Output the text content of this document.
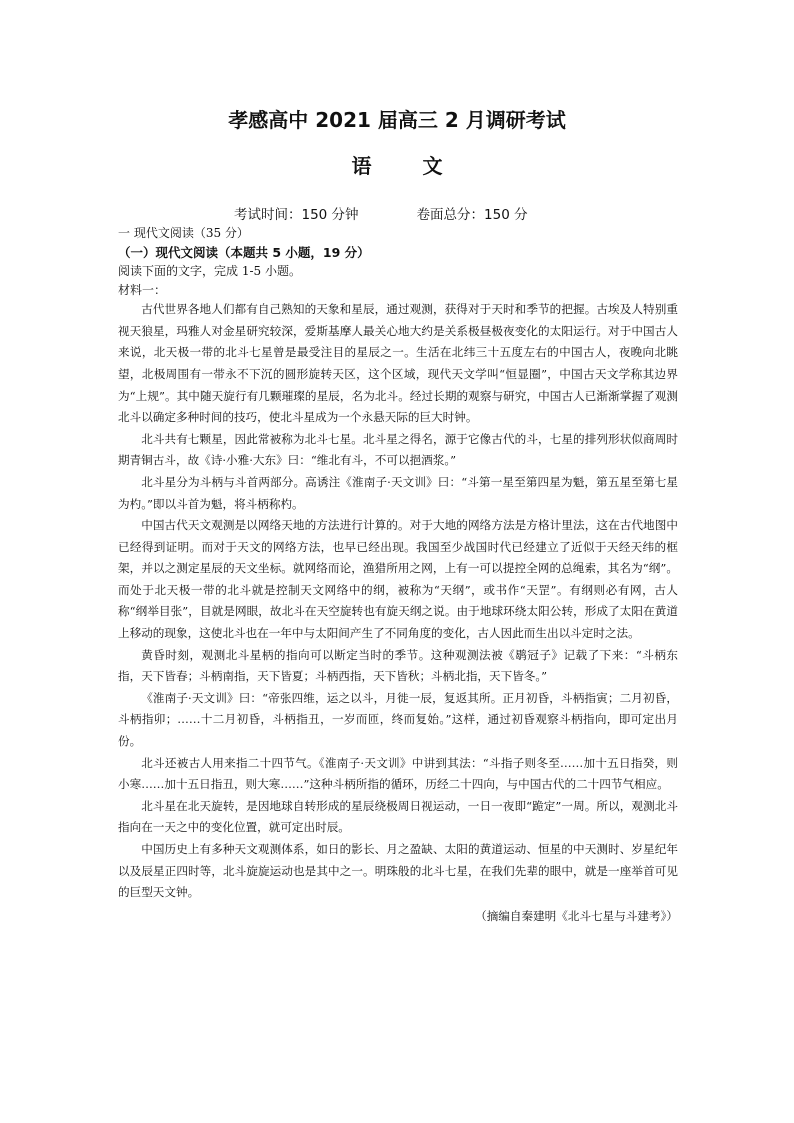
孝感高中 2021 届高三 2 月调研考试
语 文
考试时间：150 分钟	卷面总分：150 分

一 现代文阅读（35 分）

（一）现代文阅读（本题共 5 小题，19 分）

阅读下面的文字，完成 1-5 小题。

材料一：

古代世界各地人们都有自己熟知的天象和星辰，通过观测，获得对于天时和季节的把握。古埃及人特别重视天狼星，玛雅人对金星研究较深，爱斯基摩人最关心地大约是关系极昼极夜变化的太阳运行。对于中国古人来说，北天极一带的北斗七星曾是最受注目的星辰之一。生活在北纬三十五度左右的中国古人，夜晚向北眺望，北极周围有一带永不下沉的圆形旋转天区，这个区域，现代天文学叫“恒显圈”，中国古天文学称其边界为“上规”。其中随天旋行有几颗璀璨的星辰，名为北斗。经过长期的观察与研究，中国古人已渐渐掌握了观测北斗以确定多种时间的技巧，使北斗星成为一个永悬天际的巨大时钟。

北斗共有七颗星，因此常被称为北斗七星。北斗星之得名，源于它像古代的斗，七星的排列形状似商周时期青铜古斗，故《诗·小雅·大东》曰：“维北有斗，不可以挹酒浆。”

北斗星分为斗柄与斗首两部分。高诱注《淮南子·天文训》曰：“斗第一星至第四星为魁，第五星至第七星为杓。”即以斗首为魁，将斗柄称杓。

中国古代天文观测是以网络天地的方法进行计算的。对于大地的网络方法是方格计里法，这在古代地图中已经得到证明。而对于天文的网络方法，也早已经出现。我国至少战国时代已经建立了近似于天经天纬的框架，并以之测定星辰的天文坐标。就网络而论，渔猎所用之网，上有一可以提控全网的总绳索，其名为“纲”。而处于北天极一带的北斗就是控制天文网络中的纲，被称为“天纲”，或书作“天罡”。有纲则必有网，古人称“纲举目张”，目就是网眼，故北斗在天空旋转也有旋天纲之说。由于地球环绕太阳公转，形成了太阳在黄道上移动的现象，这使北斗也在一年中与太阳间产生了不同角度的变化，古人因此而生出以斗定时之法。

黄昏时刻，观测北斗星柄的指向可以断定当时的季节。这种观测法被《鹖冠子》记载了下来：“斗柄东指，天下皆春；斗柄南指，天下皆夏；斗柄西指，天下皆秋；斗柄北指，天下皆冬。”

《淮南子·天文训》曰：“帝张四维，运之以斗，月徙一辰，复返其所。正月初昏，斗柄指寅；二月初昏，斗柄指卯；……十二月初昏，斗柄指丑，一岁而匝，终而复始。”这样，通过初昏观察斗柄指向，即可定出月份。

北斗还被古人用来指二十四节气。《淮南子·天文训》中讲到其法：“斗指子则冬至……加十五日指癸，则小寒……加十五日指丑，则大寒……”这种斗柄所指的循环，历经二十四向，与中国古代的二十四节气相应。

北斗星在北天旋转，是因地球自转形成的星辰绕极周日视运动，一日一夜即“跪定”一周。所以，观测北斗指向在一天之中的变化位置，就可定出时辰。

中国历史上有多种天文观测体系，如日的影长、月之盈缺、太阳的黄道运动、恒星的中天测时、岁星纪年以及辰星正四时等，北斗旋旋运动也是其中之一。明珠般的北斗七星，在我们先辈的眼中，就是一座举首可见的巨型天文钟。

（摘编自秦建明《北斗七星与斗建考》）
